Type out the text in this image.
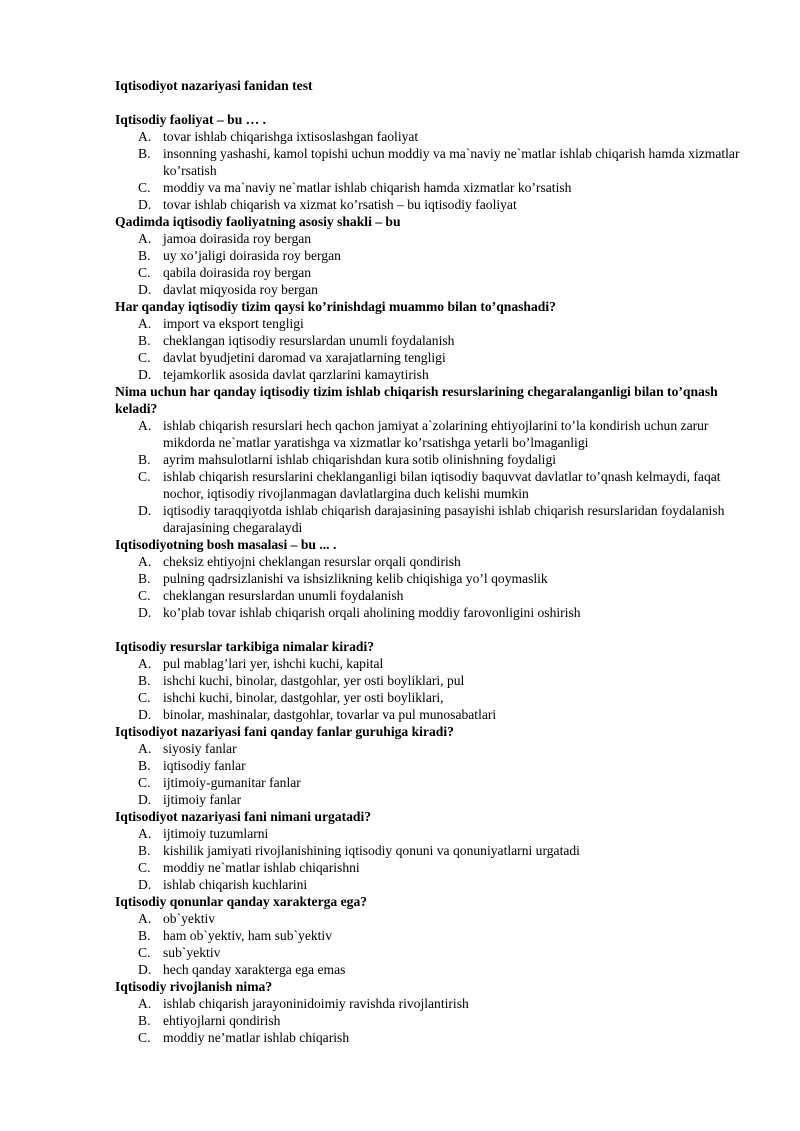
Iqtisodiyot nazariyasi fanidan test
Iqtisodiy faoliyat – bu … .
A. tovar ishlab chiqarishga ixtisoslashgan faoliyat
B. insonning yashashi, kamol topishi uchun moddiy va ma`naviy ne`matlar ishlab chiqarish hamda xizmatlar ko’rsatish
C. moddiy va ma`naviy ne`matlar ishlab chiqarish hamda xizmatlar ko’rsatish
D. tovar ishlab chiqarish va xizmat ko’rsatish – bu iqtisodiy faoliyat
Qadimda iqtisodiy faoliyatning asosiy shakli – bu
A. jamoa doirasida roy bergan
B. uy xo’jaligi doirasida roy bergan
C. qabila doirasida roy bergan
D. davlat miqyosida roy bergan
Har qanday iqtisodiy tizim qaysi ko’rinishdagi muammo bilan to’qnashadi?
A. import va eksport tengligi
B. cheklangan iqtisodiy resurslardan unumli foydalanish
C. davlat byudjetini daromad va xarajatlarning tengligi
D. tejamkorlik asosida davlat qarzlarini kamaytirish
Nima uchun har qanday iqtisodiy tizim ishlab chiqarish resurslarining chegaralanganligi bilan to’qnash keladi?
A. ishlab chiqarish resurslari hech qachon jamiyat a`zolarining ehtiyojlarini to’la kondirish uchun zarur mikdorda ne`matlar yaratishga va xizmatlar ko’rsatishga yetarli bo’lmaganligi
B. ayrim mahsulotlarni ishlab chiqarishdan kura sotib olinishning foydaligi
C. ishlab chiqarish resurslarini cheklanganligi bilan iqtisodiy baquvvat davlatlar to’qnash kelmaydi, faqat nochor, iqtisodiy rivojlanmagan davlatlargina duch kelishi mumkin
D. iqtisodiy taraqqiyotda ishlab chiqarish darajasining pasayishi ishlab chiqarish resurslaridan foydalanish darajasining chegaralaydi
Iqtisodiyotning bosh masalasi – bu ... .
A. cheksiz ehtiyojni cheklangan resurslar orqali qondirish
B. pulning qadrsizlanishi va ishsizlikning kelib chiqishiga yo’l qoymaslik
C. cheklangan resurslardan unumli foydalanish
D. ko’plab tovar ishlab chiqarish orqali aholining moddiy farovonligini oshirish
Iqtisodiy resurslar tarkibiga nimalar kiradi?
A. pul mablag’lari yer, ishchi kuchi, kapital
B. ishchi kuchi, binolar, dastgohlar, yer osti boyliklari, pul
C. ishchi kuchi, binolar, dastgohlar, yer osti boyliklari,
D. binolar, mashinalar, dastgohlar, tovarlar va pul munosabatlari
Iqtisodiyot nazariyasi fani qanday fanlar guruhiga kiradi?
A. siyosiy fanlar
B. iqtisodiy fanlar
C. ijtimoiy-gumanitar fanlar
D. ijtimoiy fanlar
Iqtisodiyot nazariyasi fani nimani urgatadi?
A. ijtimoiy tuzumlarni
B. kishilik jamiyati rivojlanishining iqtisodiy qonuni va qonuniyatlarni urgatadi
C. moddiy ne`matlar ishlab chiqarishni
D. ishlab chiqarish kuchlarini
Iqtisodiy qonunlar qanday xarakterga ega?
A. ob`yektiv
B. ham ob`yektiv, ham sub`yektiv
C. sub`yektiv
D. hech qanday xarakterga ega emas
Iqtisodiy rivojlanish nima?
A. ishlab chiqarish jarayoninidoimiy ravishda rivojlantirish
B. ehtiyojlarni qondirish
C. moddiy ne’matlar ishlab chiqarish
